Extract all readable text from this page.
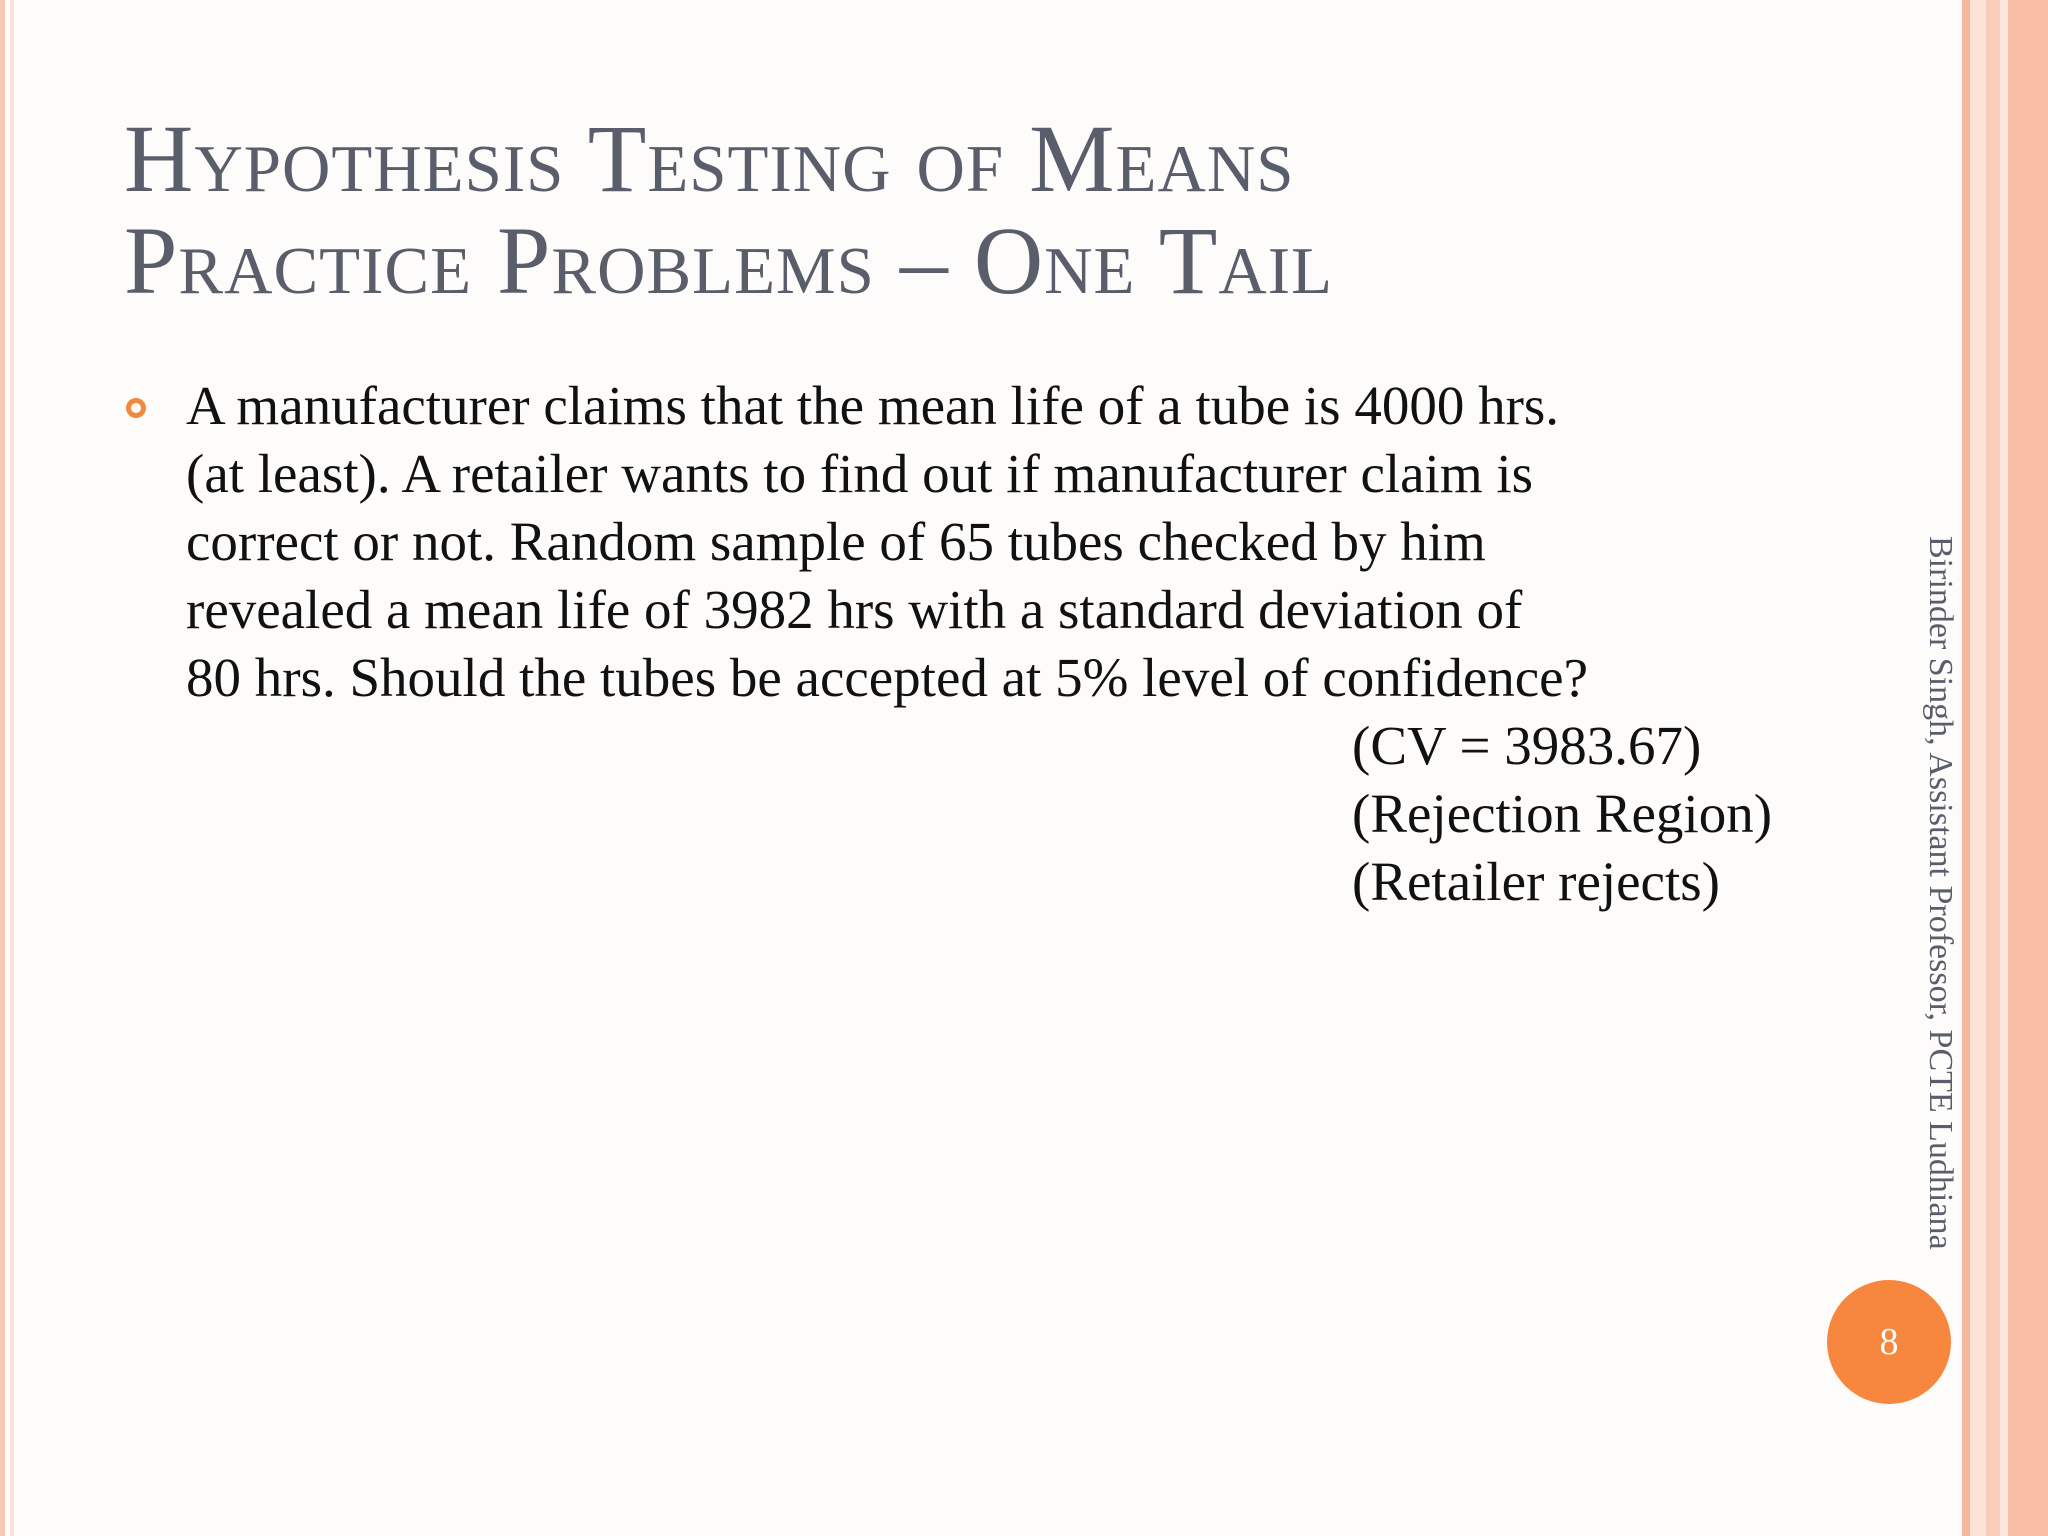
Hypothesis Testing of Means
Practice Problems – One Tail
A manufacturer claims that the mean life of a tube is 4000 hrs.
(at least). A retailer wants to find out if manufacturer claim is
correct or not. Random sample of 65 tubes checked by him
revealed a mean life of 3982 hrs with a standard deviation of
80 hrs. Should the tubes be accepted at 5% level of confidence?
(CV = 3983.67)
(Rejection Region)
(Retailer rejects)	Birinder Singh, Assistant Professor, PCTE Ludhiana
8
